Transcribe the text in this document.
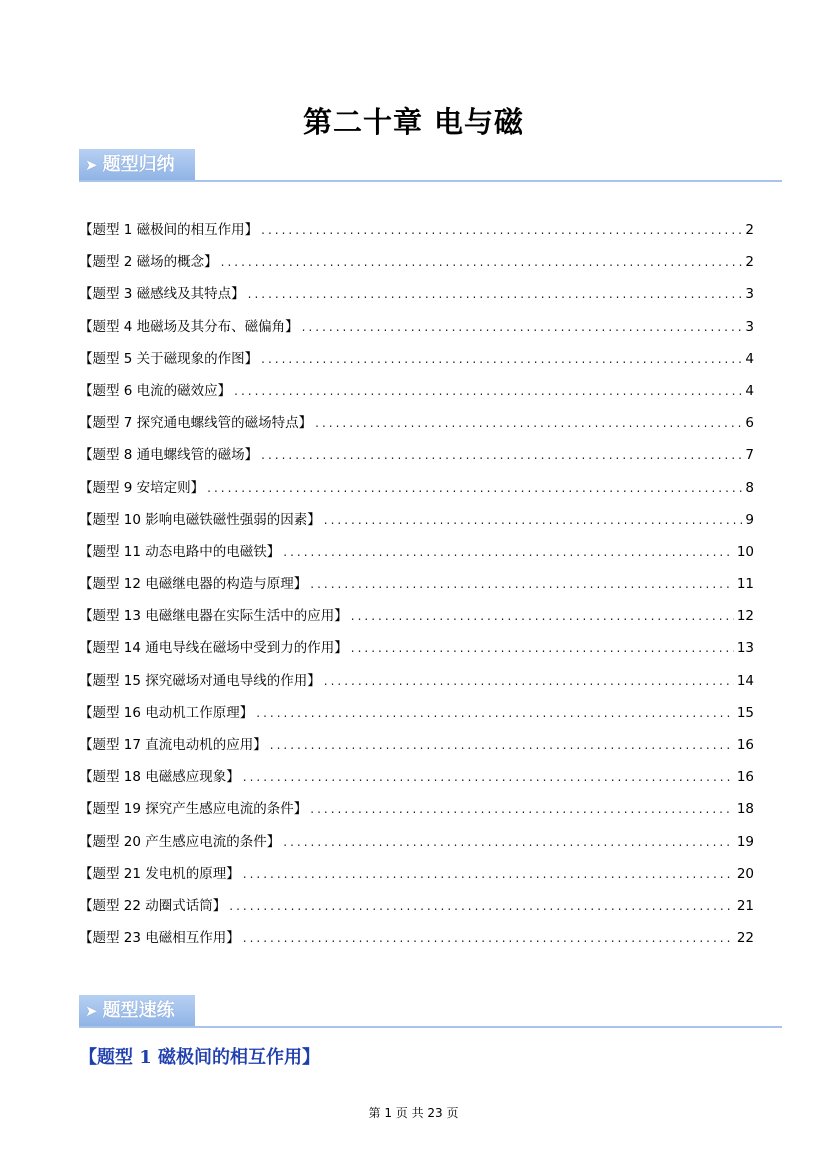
第二十章 电与磁
➤ 题型归纳
【题型 1 磁极间的相互作用】 .....	2
【题型 2 磁场的概念】 .....	2
【题型 3 磁感线及其特点】 .....	3
【题型 4 地磁场及其分布、磁偏角】 .....	3
【题型 5 关于磁现象的作图】 .....	4
【题型 6 电流的磁效应】 .....	4
【题型 7 探究通电螺线管的磁场特点】 .....	6
【题型 8 通电螺线管的磁场】 .....	7
【题型 9 安培定则】 .....	8
【题型 10 影响电磁铁磁性强弱的因素】 .....	9
【题型 11 动态电路中的电磁铁】 .....	10
【题型 12 电磁继电器的构造与原理】 .....	11
【题型 13 电磁继电器在实际生活中的应用】 .....	12
【题型 14 通电导线在磁场中受到力的作用】 .....	13
【题型 15 探究磁场对通电导线的作用】 .....	14
【题型 16 电动机工作原理】 .....	15
【题型 17 直流电动机的应用】 .....	16
【题型 18 电磁感应现象】 .....	16
【题型 19 探究产生感应电流的条件】 .....	18
【题型 20 产生感应电流的条件】 .....	19
【题型 21 发电机的原理】 .....	20
【题型 22 动圈式话筒】 .....	21
【题型 23 电磁相互作用】 .....	22
➤ 题型速练
【题型 1 磁极间的相互作用】
第 1 页 共 23 页
